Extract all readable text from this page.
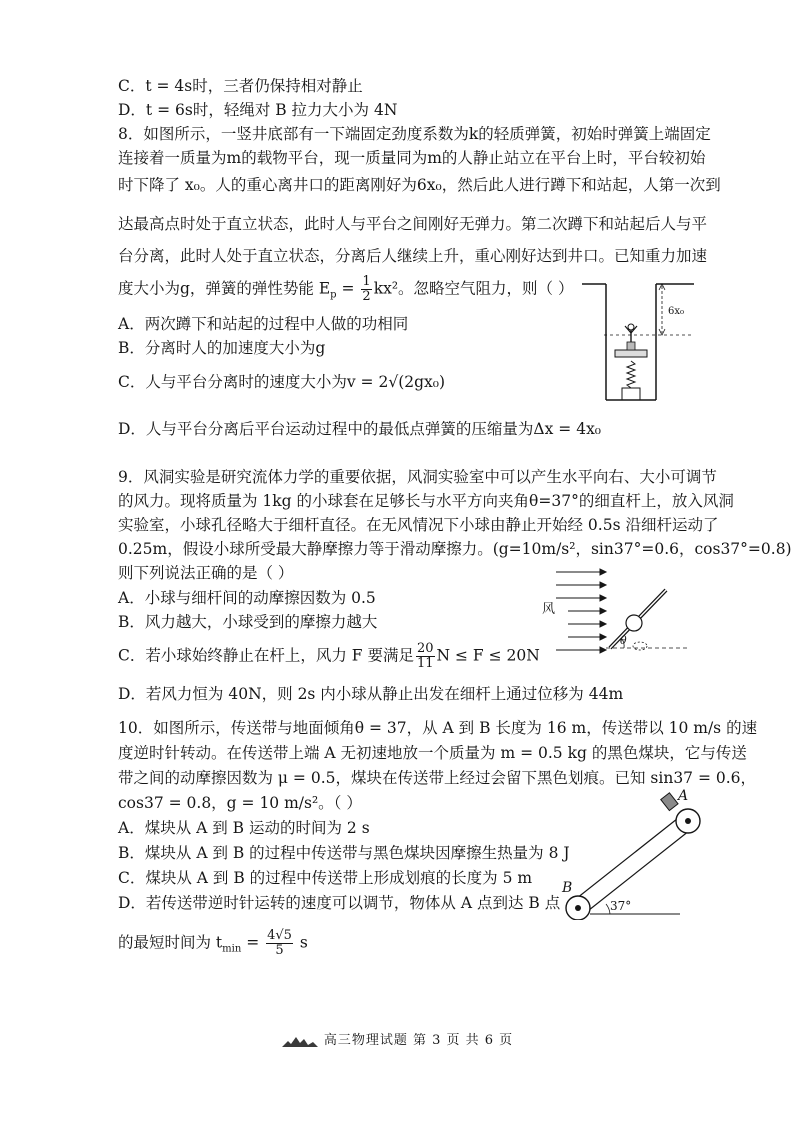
C．t = 4s时，三者仍保持相对静止
D．t = 6s时，轻绳对 B 拉力大小为 4N
8．如图所示，一竖井底部有一下端固定劲度系数为k的轻质弹簧，初始时弹簧上端固定
连接着一质量为m的载物平台，现一质量同为m的人静止站立在平台上时，平台较初始
时下降了 x₀。人的重心离井口的距离刚好为6x₀，然后此人进行蹲下和站起，人第一次到
达最高点时处于直立状态，此时人与平台之间刚好无弹力。第二次蹲下和站起后人与平
台分离，此时人处于直立状态，分离后人继续上升，重心刚好达到井口。已知重力加速
度大小为g，弹簧的弹性势能 $E_p = \frac{1}{2} kx^2$。忽略空气阻力，则（ ）
A．两次蹲下和站起的过程中人做的功相同
B．分离时人的加速度大小为g
C．人与平台分离时的速度大小为v = 2√(2gx₀)
D．人与平台分离后平台运动过程中的最低点弹簧的压缩量为Δx = 4x₀
6x₀
9．风洞实验是研究流体力学的重要依据，风洞实验室中可以产生水平向右、大小可调节
的风力。现将质量为 1kg 的小球套在足够长与水平方向夹角θ=37°的细直杆上，放入风洞
实验室，小球孔径略大于细杆直径。在无风情况下小球由静止开始经 0.5s 沿细杆运动了
0.25m，假设小球所受最大静摩擦力等于滑动摩擦力。(g=10m/s²，sin37°=0.6，cos37°=0.8)
则下列说法正确的是（ ）
A．小球与细杆间的动摩擦因数为 0.5
B．风力越大，小球受到的摩擦力越大
C．若小球始终静止在杆上，风力 F 要满足 $\frac{20}{11}$ N ≤ F ≤ 20N
D．若风力恒为 40N，则 2s 内小球从静止出发在细杆上通过位移为 44m
风
θ
10．如图所示，传送带与地面倾角θ = 37，从 A 到 B 长度为 16 m，传送带以 10 m/s 的速
度逆时针转动。在传送带上端 A 无初速地放一个质量为 m = 0.5 kg 的黑色煤块，它与传送
带之间的动摩擦因数为 μ = 0.5，煤块在传送带上经过会留下黑色划痕。已知 sin37 = 0.6，
cos37 = 0.8，g = 10 m/s²。（ ）
A．煤块从 A 到 B 运动的时间为 2 s
B．煤块从 A 到 B 的过程中传送带与黑色煤块因摩擦生热量为 8 J
C．煤块从 A 到 B 的过程中传送带上形成划痕的长度为 5 m
D．若传送带逆时针运转的速度可以调节，物体从 A 点到达 B 点
的最短时间为 $t_{min} = \frac{4√5}{5}$ s
A
B
37°
高三物理试题 第 3 页 共 6 页
